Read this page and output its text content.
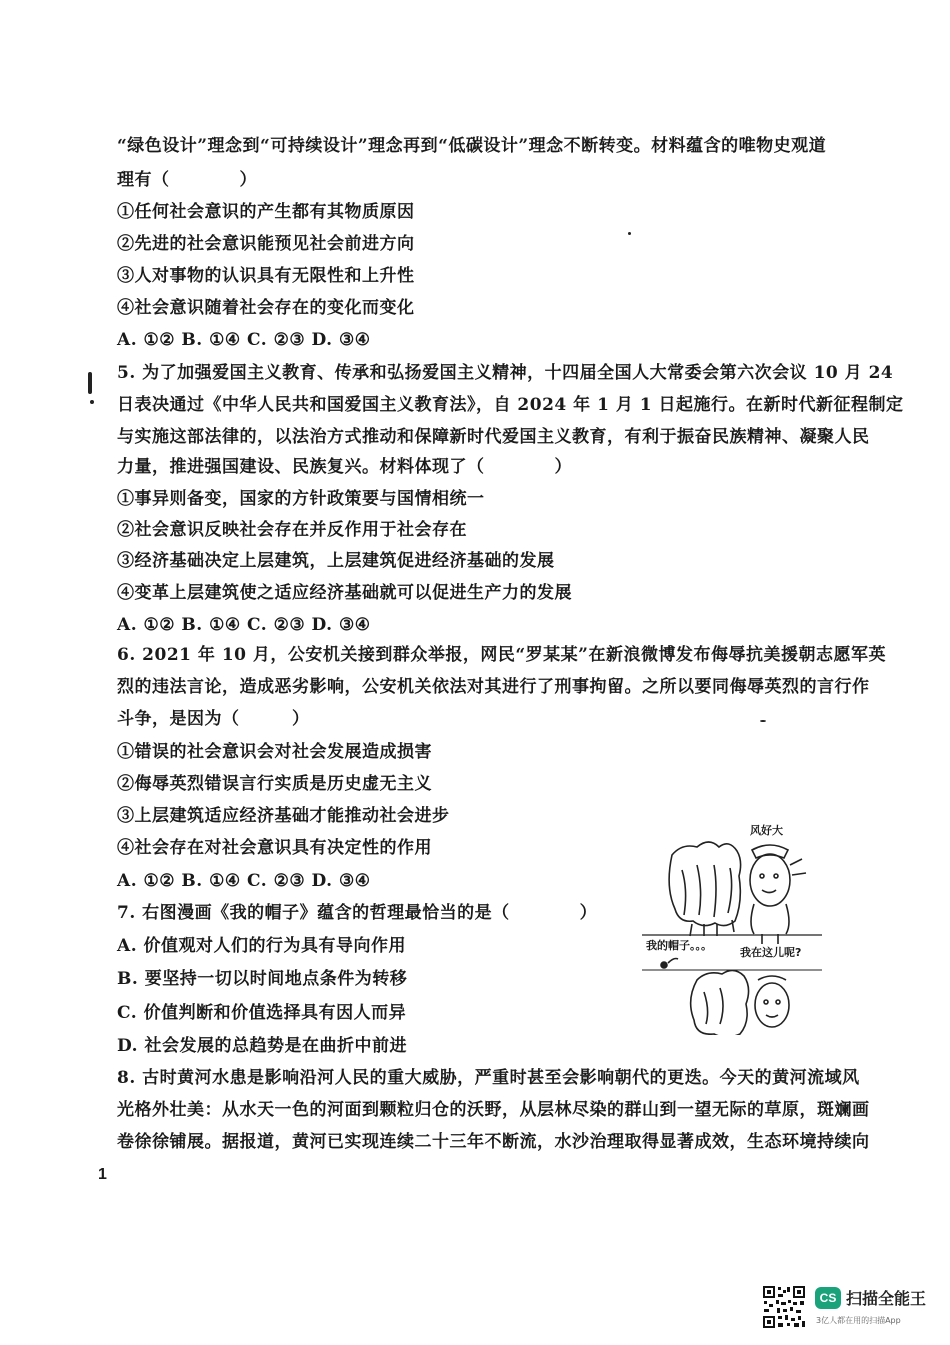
“绿色设计”理念到“可持续设计”理念再到“低碳设计”理念不断转变。材料蕴含的唯物史观道
理有（　　　　）
①任何社会意识的产生都有其物质原因
②先进的社会意识能预见社会前进方向
③人对事物的认识具有无限性和上升性
④社会意识随着社会存在的变化而变化
A. ①② B. ①④ C. ②③ D. ③④
5. 为了加强爱国主义教育、传承和弘扬爱国主义精神，十四届全国人大常委会第六次会议 10 月 24
日表决通过《中华人民共和国爱国主义教育法》，自 2024 年 1 月 1 日起施行。在新时代新征程制定
与实施这部法律的，以法治方式推动和保障新时代爱国主义教育，有利于振奋民族精神、凝聚人民
力量，推进强国建设、民族复兴。材料体现了（　　　　）
①事异则备变，国家的方针政策要与国情相统一
②社会意识反映社会存在并反作用于社会存在
③经济基础决定上层建筑，上层建筑促进经济基础的发展
④变革上层建筑使之适应经济基础就可以促进生产力的发展
A. ①② B. ①④ C. ②③ D. ③④
6. 2021 年 10 月，公安机关接到群众举报，网民“罗某某”在新浪微博发布侮辱抗美援朝志愿军英
烈的违法言论，造成恶劣影响，公安机关依法对其进行了刑事拘留。之所以要同侮辱英烈的言行作
斗争，是因为（　　　）
①错误的社会意识会对社会发展造成损害
②侮辱英烈错误言行实质是历史虚无主义
③上层建筑适应经济基础才能推动社会进步
④社会存在对社会意识具有决定性的作用
A. ①② B. ①④ C. ②③ D. ③④
7. 右图漫画《我的帽子》蕴含的哲理最恰当的是（　　　　）
A. 价值观对人们的行为具有导向作用
B. 要坚持一切以时间地点条件为转移
C. 价值判断和价值选择具有因人而异
D. 社会发展的总趋势是在曲折中前进
8. 古时黄河水患是影响沿河人民的重大威胁，严重时甚至会影响朝代的更迭。今天的黄河流域风
光格外壮美：从水天一色的河面到颗粒归仓的沃野，从层林尽染的群山到一望无际的草原，斑斓画
卷徐徐铺展。据报道，黄河已实现连续二十三年不断流，水沙治理取得显著成效，生态环境持续向
风好大
我的帽子。。。
我在这儿呢?
1
CS 扫描全能王
3亿人都在用的扫描App
